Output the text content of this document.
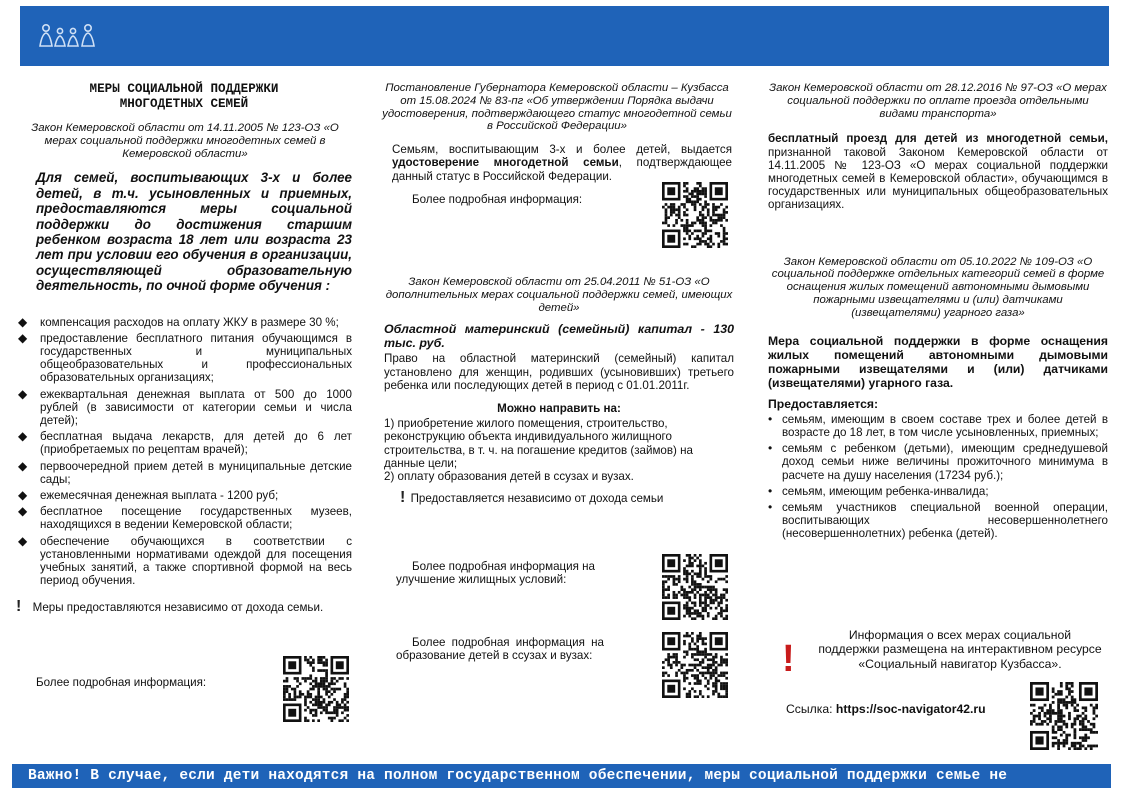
МЕРЫ СОЦИАЛЬНОЙ ПОДДЕРЖКИ
МНОГОДЕТНЫХ СЕМЕЙ
Закон Кемеровской области от 14.11.2005 № 123-ОЗ «О мерах социальной поддержки многодетных семей в Кемеровской области»
Для семей, воспитывающих 3-х и более детей, в т.ч. усыновленных и приемных, предоставляются меры социальной поддержки до достижения старшим ребенком возраста 18 лет или возраста 23 лет при условии его обучения в организации, осуществляющей образовательную деятельность, по очной форме обучения :
◆ компенсация расходов на оплату ЖКУ в размере 30 %;
◆ предоставление бесплатного питания обучающимся в государственных и муниципальных общеобразовательных и профессиональных образовательных организациях;
◆ ежеквартальная денежная выплата от 500 до 1000 рублей (в зависимости от категории семьи и числа детей);
◆ бесплатная выдача лекарств, для детей до 6 лет (приобретаемых по рецептам врачей);
◆ первоочередной прием детей в муниципальные детские сады;
◆ ежемесячная денежная выплата - 1200 руб;
◆ бесплатное посещение государственных музеев, находящихся в ведении Кемеровской области;
◆ обеспечение обучающихся в соответствии с установленными нормативами одеждой для посещения учебных занятий, а также спортивной формой на весь период обучения.
! Меры предоставляются независимо от дохода семьи.
Более подробная информация:
Постановление Губернатора Кемеровской области – Кузбасса от 15.08.2024 № 83-пг «Об утверждении Порядка выдачи удостоверения, подтверждающего статус многодетной семьи в Российской Федерации»
Семьям, воспитывающим 3-х и более детей, выдается удостоверение многодетной семьи, подтверждающее данный статус в Российской Федерации.
Более подробная информация:
Закон Кемеровской области от 25.04.2011 № 51-ОЗ «О дополнительных мерах социальной поддержки семей, имеющих детей»
Областной материнский (семейный) капитал - 130 тыс. руб.
Право на областной материнский (семейный) капитал установлено для женщин, родивших (усыновивших) третьего ребенка или последующих детей в период с 01.01.2011г.
Можно направить на:
1) приобретение жилого помещения, строительство, реконструкцию объекта индивидуального жилищного строительства, в т. ч. на погашение кредитов (займов) на данные цели;
2) оплату образования детей в ссузах и вузах.
! Предоставляется независимо от дохода семьи
Более подробная информация на улучшение жилищных условий:
Более подробная информация на образование детей в ссузах и вузах:
Закон Кемеровской области от 28.12.2016 № 97-ОЗ «О мерах социальной поддержки по оплате проезда отдельными видами транспорта»
бесплатный проезд для детей из многодетной семьи, признанной таковой Законом Кемеровской области от 14.11.2005 № 123-ОЗ «О мерах социальной поддержки многодетных семей в Кемеровской области», обучающимся в государственных или муниципальных общеобразовательных организациях.
Закон Кемеровской области от 05.10.2022 № 109-ОЗ «О социальной поддержке отдельных категорий семей в форме оснащения жилых помещений автономными дымовыми пожарными извещателями и (или) датчиками (извещателями) угарного газа»
Мера социальной поддержки в форме оснащения жилых помещений автономными дымовыми пожарными извещателями и (или) датчиками (извещателями) угарного газа.
Предоставляется:
• семьям, имеющим в своем составе трех и более детей в возрасте до 18 лет, в том числе усыновленных, приемных;
• семьям с ребенком (детьми), имеющим среднедушевой доход семьи ниже величины прожиточного минимума в расчете на душу населения (17234 руб.);
• семьям, имеющим ребенка-инвалида;
• семьям участников специальной военной операции, воспитывающих несовершеннолетнего (несовершеннолетних) ребенка (детей).
!
Информация о всех мерах социальной поддержки размещена на интерактивном ресурсе «Социальный навигатор Кузбасса».
Ссылка: https://soc-navigator42.ru
Важно! В случае, если дети находятся на полном государственном обеспечении, меры социальной поддержки семье не
